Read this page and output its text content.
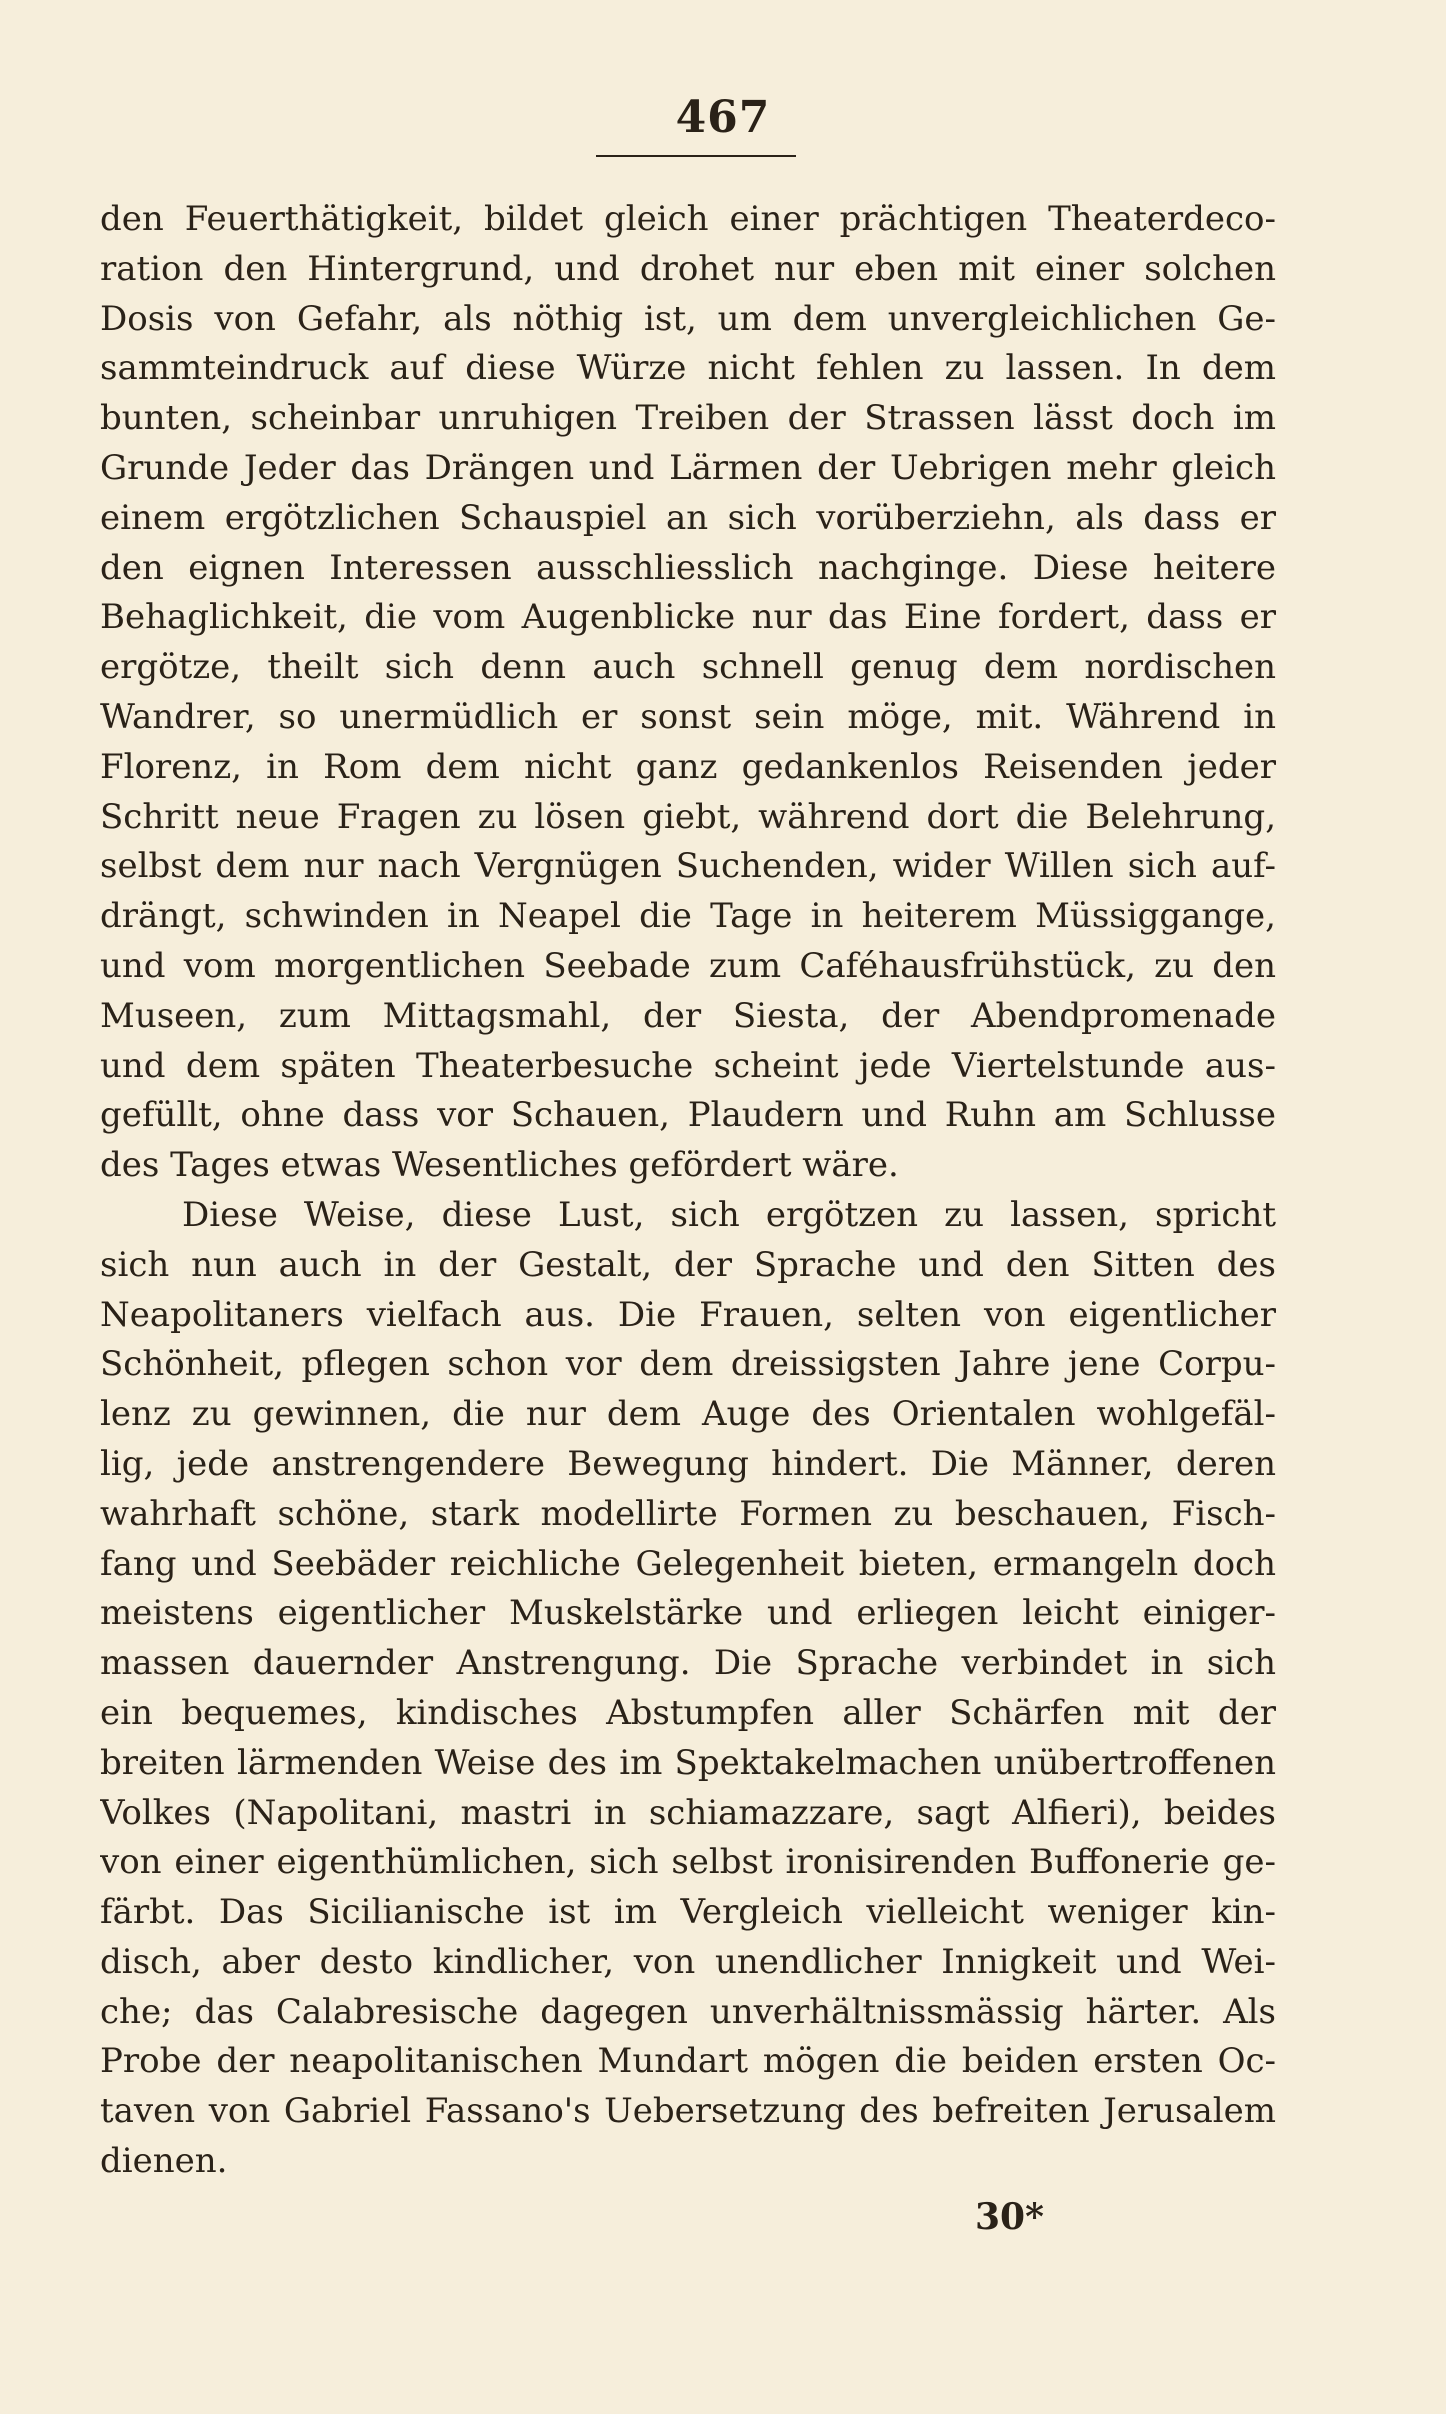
467
den Feuerthätigkeit, bildet gleich einer prächtigen Theaterdeco-
ration den Hintergrund, und drohet nur eben mit einer solchen
Dosis von Gefahr, als nöthig ist, um dem unvergleichlichen Ge-
sammteindruck auf diese Würze nicht fehlen zu lassen. In dem
bunten, scheinbar unruhigen Treiben der Strassen lässt doch im
Grunde Jeder das Drängen und Lärmen der Uebrigen mehr gleich
einem ergötzlichen Schauspiel an sich vorüberziehn, als dass er
den eignen Interessen ausschliesslich nachginge. Diese heitere
Behaglichkeit, die vom Augenblicke nur das Eine fordert, dass er
ergötze, theilt sich denn auch schnell genug dem nordischen
Wandrer, so unermüdlich er sonst sein möge, mit. Während in
Florenz, in Rom dem nicht ganz gedankenlos Reisenden jeder
Schritt neue Fragen zu lösen giebt, während dort die Belehrung,
selbst dem nur nach Vergnügen Suchenden, wider Willen sich auf-
drängt, schwinden in Neapel die Tage in heiterem Müssiggange,
und vom morgentlichen Seebade zum Caféhausfrühstück, zu den
Museen, zum Mittagsmahl, der Siesta, der Abendpromenade
und dem späten Theaterbesuche scheint jede Viertelstunde aus-
gefüllt, ohne dass vor Schauen, Plaudern und Ruhn am Schlusse
des Tages etwas Wesentliches gefördert wäre.
Diese Weise, diese Lust, sich ergötzen zu lassen, spricht
sich nun auch in der Gestalt, der Sprache und den Sitten des
Neapolitaners vielfach aus. Die Frauen, selten von eigentlicher
Schönheit, pflegen schon vor dem dreissigsten Jahre jene Corpu-
lenz zu gewinnen, die nur dem Auge des Orientalen wohlgefäl-
lig, jede anstrengendere Bewegung hindert. Die Männer, deren
wahrhaft schöne, stark modellirte Formen zu beschauen, Fisch-
fang und Seebäder reichliche Gelegenheit bieten, ermangeln doch
meistens eigentlicher Muskelstärke und erliegen leicht einiger-
massen dauernder Anstrengung. Die Sprache verbindet in sich
ein bequemes, kindisches Abstumpfen aller Schärfen mit der
breiten lärmenden Weise des im Spektakelmachen unübertroffenen
Volkes (Napolitani, mastri in schiamazzare, sagt Alfieri), beides
von einer eigenthümlichen, sich selbst ironisirenden Buffonerie ge-
färbt. Das Sicilianische ist im Vergleich vielleicht weniger kin-
disch, aber desto kindlicher, von unendlicher Innigkeit und Wei-
che; das Calabresische dagegen unverhältnissmässig härter. Als
Probe der neapolitanischen Mundart mögen die beiden ersten Oc-
taven von Gabriel Fassano's Uebersetzung des befreiten Jerusalem
dienen.
30*
